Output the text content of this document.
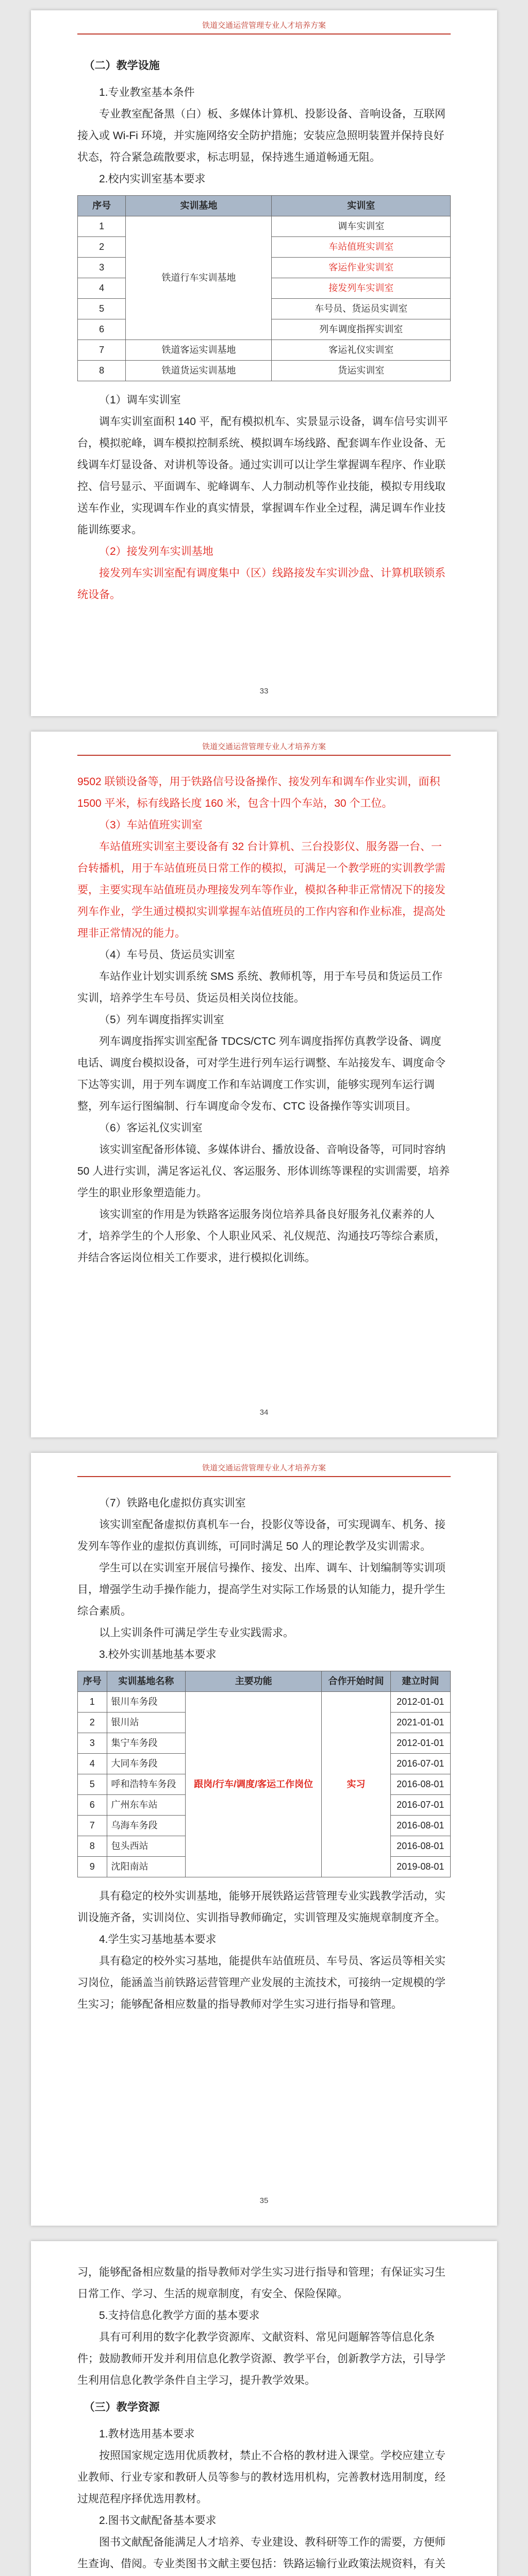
铁道交通运营管理专业人才培养方案

（二）教学设施

1.专业教室基本条件

专业教室配备黑（白）板、多媒体计算机、投影设备、音响设备，互联网接入或 Wi-Fi 环境，并实施网络安全防护措施；安装应急照明装置并保持良好状态，符合紧急疏散要求，标志明显，保持逃生通道畅通无阻。

2.校内实训室基本要求

序号	实训基地	实训室
1	铁道行车实训基地	调车实训室
2		车站值班实训室
3		客运作业实训室
4		接发列车实训室
5		车号员、货运员实训室
6		列车调度指挥实训室
7	铁道客运实训基地	客运礼仪实训室
8	铁道货运实训基地	货运实训室

（1）调车实训室

调车实训室面积 140 平，配有模拟机车、实景显示设备，调车信号实训平台，模拟驼峰，调车模拟控制系统、模拟调车场线路、配套调车作业设备、无线调车灯显设备、对讲机等设备。通过实训可以让学生掌握调车程序、作业联控、信号显示、平面调车、驼峰调车、人力制动机等作业技能，模拟专用线取送车作业，实现调车作业的真实情景，掌握调车作业全过程，满足调车作业技能训练要求。

（2）接发列车实训基地

接发列车实训室配有调度集中（区）线路接发车实训沙盘、计算机联锁系统设备。

33
铁道交通运营管理专业人才培养方案

9502 联锁设备等，用于铁路信号设备操作、接发列车和调车作业实训，面积 1500 平米，标有线路长度 160 米，包含十四个车站，30 个工位。

（3）车站值班实训室

车站值班实训室主要设备有 32 台计算机、三台投影仪、服务器一台、一台转播机，用于车站值班员日常工作的模拟，可满足一个教学班的实训教学需要，主要实现车站值班员办理接发列车等作业，模拟各种非正常情况下的接发列车作业，学生通过模拟实训掌握车站值班员的工作内容和作业标准，提高处理非正常情况的能力。

（4）车号员、货运员实训室

车站作业计划实训系统 SMS 系统、教师机等，用于车号员和货运员工作实训，培养学生车号员、货运员相关岗位技能。

（5）列车调度指挥实训室

列车调度指挥实训室配备 TDCS/CTC 列车调度指挥仿真教学设备、调度电话、调度台模拟设备，可对学生进行列车运行调整、车站接发车、调度命令下达等实训，用于列车调度工作和车站调度工作实训，能够实现列车运行调整，列车运行图编制、行车调度命令发布、CTC 设备操作等实训项目。

（6）客运礼仪实训室

该实训室配备形体镜、多媒体讲台、播放设备、音响设备等，可同时容纳 50 人进行实训，满足客运礼仪、客运服务、形体训练等课程的实训需要，培养学生的职业形象塑造能力。

该实训室的作用是为铁路客运服务岗位培养具备良好服务礼仪素养的人才，培养学生的个人形象、个人职业风采、礼仪规范、沟通技巧等综合素质，并结合客运岗位相关工作要求，进行模拟化训练。

34
铁道交通运营管理专业人才培养方案

（7）铁路电化虚拟仿真实训室

该实训室配备虚拟仿真机车一台，投影仪等设备，可实现调车、机务、接发列车等作业的虚拟仿真训练，可同时满足 50 人的理论教学及实训需求。

学生可以在实训室开展信号操作、接发、出库、调车、计划编制等实训项目，增强学生动手操作能力，提高学生对实际工作场景的认知能力，提升学生综合素质。

以上实训条件可满足学生专业实践需求。

3.校外实训基地基本要求

序号	实训基地名称	主要功能	合作开始时间	建立时间
1	银川车务段	跟岗/行车/调度/客运工作岗位	实习	2012-01-01
2	银川站			2021-01-01
3	集宁车务段			2012-01-01
4	大同车务段			2016-07-01
5	呼和浩特车务段			2016-08-01
6	广州东车站			2016-07-01
7	乌海车务段			2016-08-01
8	包头西站			2016-08-01
9	沈阳南站			2019-08-01

具有稳定的校外实训基地，能够开展铁路运营管理专业实践教学活动，实训设施齐备，实训岗位、实训指导教师确定，实训管理及实施规章制度齐全。

4.学生实习基地基本要求

具有稳定的校外实习基地，能提供车站值班员、车号员、客运员等相关实习岗位，能涵盖当前铁路运营管理产业发展的主流技术，可接纳一定规模的学生实习；能够配备相应数量的指导教师对学生实习进行指导和管理。

35

习，能够配备相应数量的指导教师对学生实习进行指导和管理；有保证实习生日常工作、学习、生活的规章制度，有安全、保险保障。

5.支持信息化教学方面的基本要求

具有可利用的数字化教学资源库、文献资料、常见问题解答等信息化条件；鼓励教师开发并利用信息化教学资源、教学平台，创新教学方法，引导学生利用信息化教学条件自主学习，提升教学效果。

（三）教学资源

1.教材选用基本要求

按照国家规定选用优质教材，禁止不合格的教材进入课堂。学校应建立专业教师、行业专家和教研人员等参与的教材选用机构，完善教材选用制度，经过规范程序择优选用教材。

2.图书文献配备基本要求

图书文献配备能满足人才培养、专业建设、教科研等工作的需要，方便师生查询、借阅。专业类图书文献主要包括：铁路运输行业政策法规资料，有关
